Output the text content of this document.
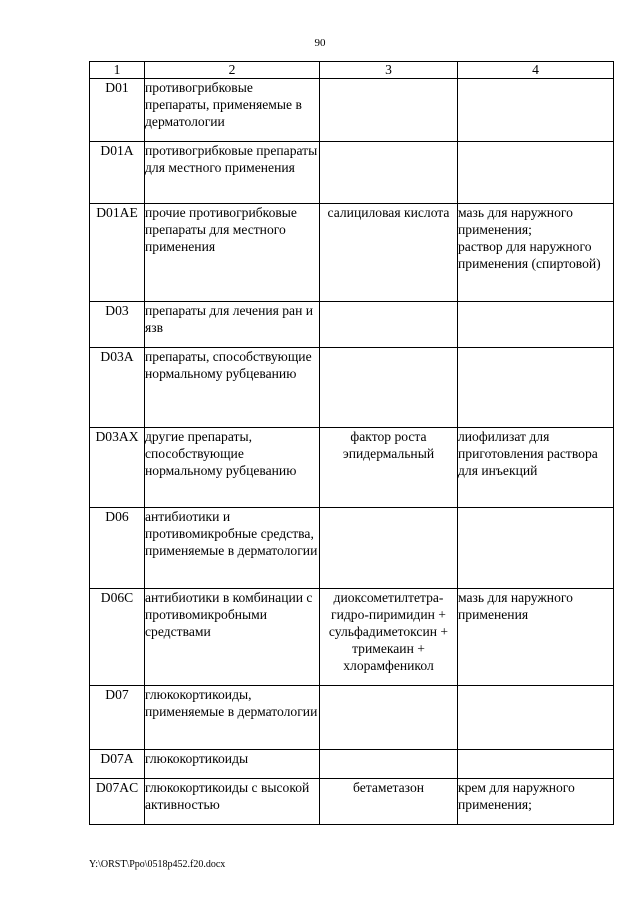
90
1	2	3	4
D01	противогрибковые препараты, применяемые в дерматологии		
D01A	противогрибковые препараты для местного применения		
D01AE	прочие противогрибковые препараты для местного применения	салициловая кислота	мазь для наружного применения;
раствор для наружного применения (спиртовой)
D03	препараты для лечения ран и язв		
D03A	препараты, способствующие нормальному рубцеванию		
D03AX	другие препараты, способствующие нормальному рубцеванию	фактор роста эпидермальный	лиофилизат для приготовления раствора для инъекций
D06	антибиотики и противомикробные средства, применяемые в дерматологии		
D06C	антибиотики в комбинации с противомикробными средствами	диоксометилтетра-гидро-пиримидин + сульфадиметоксин + тримекаин + хлорамфеникол	мазь для наружного применения
D07	глюкокортикоиды, применяемые в дерматологии		
D07A	глюкокортикоиды		
D07AC	глюкокортикоиды с высокой активностью	бетаметазон	крем для наружного применения;
Y:\ORST\Ppo\0518p452.f20.docx
